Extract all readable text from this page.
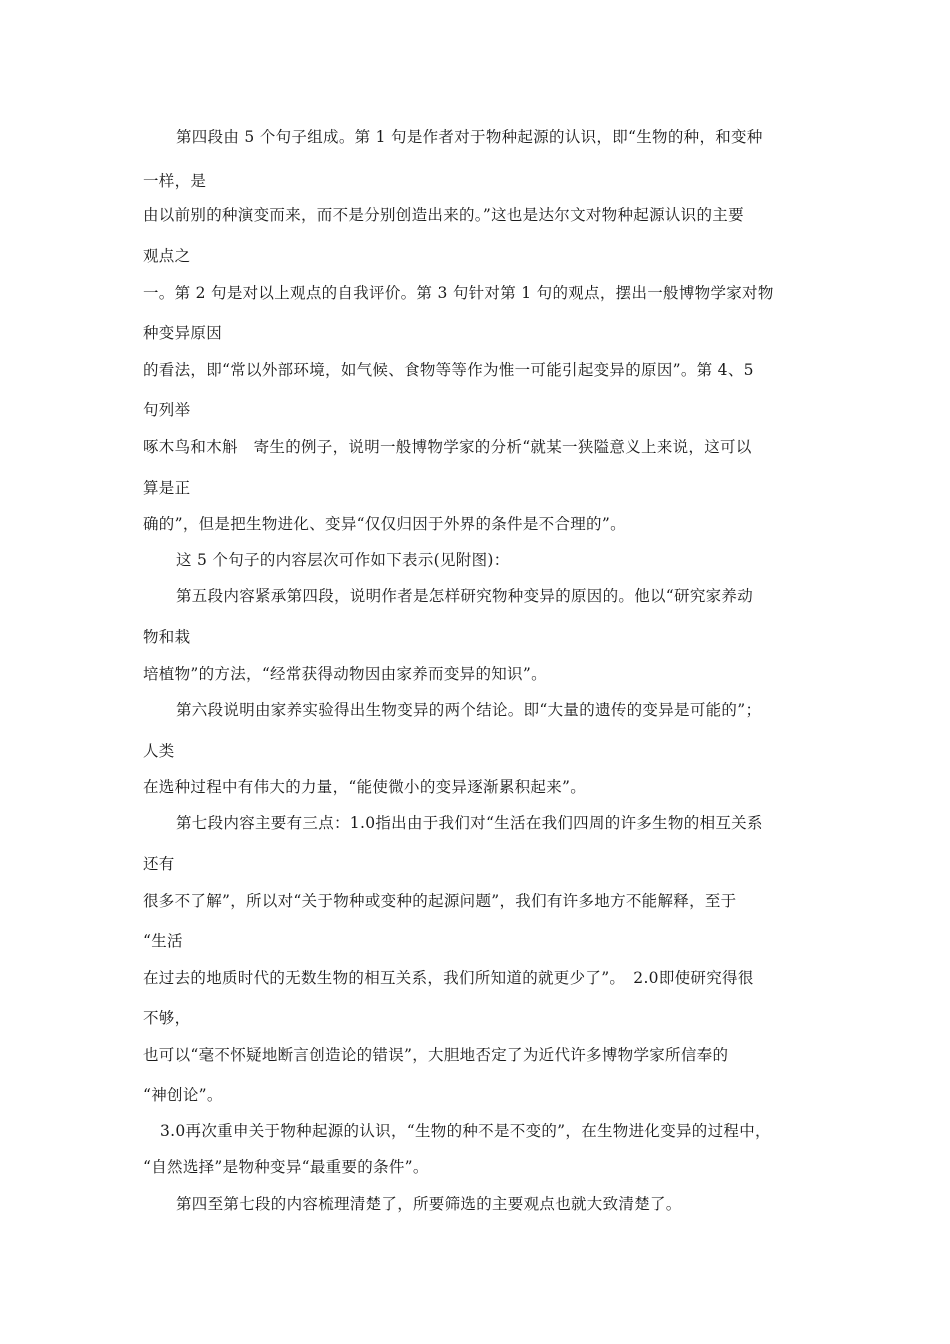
第四段由 5 个句子组成。第 1 句是作者对于物种起源的认识，即“生物的种，和变种

一样，是

由以前别的种演变而来，而不是分别创造出来的。”这也是达尔文对物种起源认识的主要

观点之

一。第 2 句是对以上观点的自我评价。第 3 句针对第 1 句的观点，摆出一般博物学家对物

种变异原因

的看法，即“常以外部环境，如气候、食物等等作为惟一可能引起变异的原因”。第 4、5

句列举

啄木鸟和木斛　寄生的例子，说明一般博物学家的分析“就某一狭隘意义上来说，这可以

算是正

确的”，但是把生物进化、变异“仅仅归因于外界的条件是不合理的”。

这 5 个句子的内容层次可作如下表示(见附图)：

第五段内容紧承第四段，说明作者是怎样研究物种变异的原因的。他以“研究家养动

物和栽

培植物”的方法，“经常获得动物因由家养而变异的知识”。

第六段说明由家养实验得出生物变异的两个结论。即“大量的遗传的变异是可能的”；

人类

在选种过程中有伟大的力量，“能使微小的变异逐渐累积起来”。

第七段内容主要有三点：1.0指出由于我们对“生活在我们四周的许多生物的相互关系

还有

很多不了解”，所以对“关于物种或变种的起源问题”，我们有许多地方不能解释，至于

“生活

在过去的地质时代的无数生物的相互关系，我们所知道的就更少了”。　2.0即使研究得很

不够，

也可以“毫不怀疑地断言创造论的错误”，大胆地否定了为近代许多博物学家所信奉的

“神创论”。

3.0再次重申关于物种起源的认识，“生物的种不是不变的”，在生物进化变异的过程中，

“自然选择”是物种变异“最重要的条件”。

第四至第七段的内容梳理清楚了，所要筛选的主要观点也就大致清楚了。
